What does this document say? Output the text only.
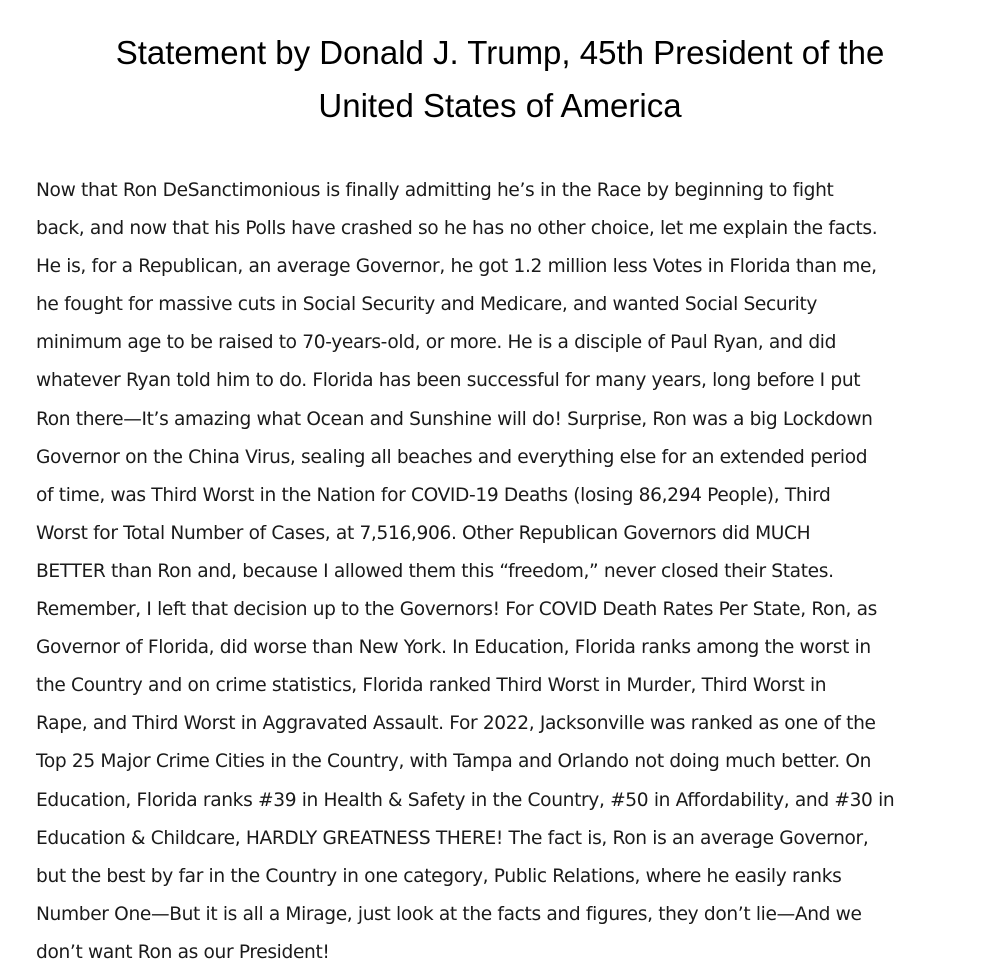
Statement by Donald J. Trump, 45th President of the
United States of America
Now that Ron DeSanctimonious is finally admitting he’s in the Race by beginning to fight
back, and now that his Polls have crashed so he has no other choice, let me explain the facts.
He is, for a Republican, an average Governor, he got 1.2 million less Votes in Florida than me,
he fought for massive cuts in Social Security and Medicare, and wanted Social Security
minimum age to be raised to 70-years-old, or more. He is a disciple of Paul Ryan, and did
whatever Ryan told him to do. Florida has been successful for many years, long before I put
Ron there—It’s amazing what Ocean and Sunshine will do! Surprise, Ron was a big Lockdown
Governor on the China Virus, sealing all beaches and everything else for an extended period
of time, was Third Worst in the Nation for COVID-19 Deaths (losing 86,294 People), Third
Worst for Total Number of Cases, at 7,516,906. Other Republican Governors did MUCH
BETTER than Ron and, because I allowed them this “freedom,” never closed their States.
Remember, I left that decision up to the Governors! For COVID Death Rates Per State, Ron, as
Governor of Florida, did worse than New York. In Education, Florida ranks among the worst in
the Country and on crime statistics, Florida ranked Third Worst in Murder, Third Worst in
Rape, and Third Worst in Aggravated Assault. For 2022, Jacksonville was ranked as one of the
Top 25 Major Crime Cities in the Country, with Tampa and Orlando not doing much better. On
Education, Florida ranks #39 in Health & Safety in the Country, #50 in Affordability, and #30 in
Education & Childcare, HARDLY GREATNESS THERE! The fact is, Ron is an average Governor,
but the best by far in the Country in one category, Public Relations, where he easily ranks
Number One—But it is all a Mirage, just look at the facts and figures, they don’t lie—And we
don’t want Ron as our President!
